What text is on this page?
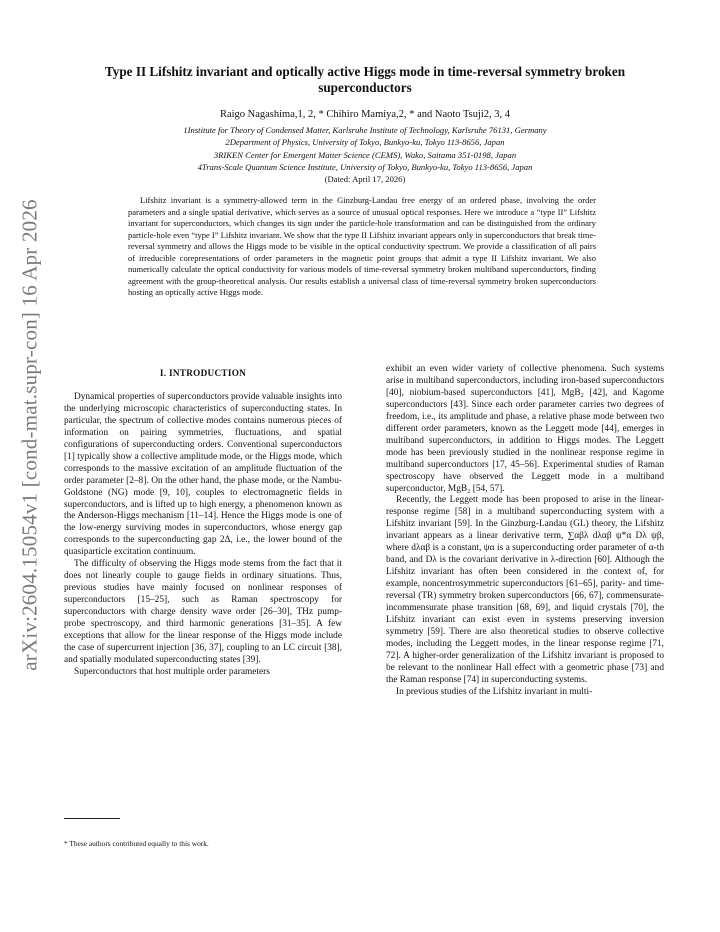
arXiv:2604.15054v1 [cond-mat.supr-con] 16 Apr 2026
Type II Lifshitz invariant and optically active Higgs mode in time-reversal symmetry broken superconductors
Raigo Nagashima,1, 2, * Chihiro Mamiya,2, * and Naoto Tsuji2, 3, 4
1Institute for Theory of Condensed Matter, Karlsruhe Institute of Technology, Karlsruhe 76131, Germany
2Department of Physics, University of Tokyo, Bunkyo-ku, Tokyo 113-8656, Japan
3RIKEN Center for Emergent Matter Science (CEMS), Wako, Saitama 351-0198, Japan
4Trans-Scale Quantum Science Institute, University of Tokyo, Bunkyo-ku, Tokyo 113-8656, Japan
(Dated: April 17, 2026)
Lifshitz invariant is a symmetry-allowed term in the Ginzburg-Landau free energy of an ordered phase, involving the order parameters and a single spatial derivative, which serves as a source of unusual optical responses. Here we introduce a “type II” Lifshitz invariant for superconductors, which changes its sign under the particle-hole transformation and can be distinguished from the ordinary particle-hole even “type I” Lifshitz invariant. We show that the type II Lifshitz invariant appears only in superconductors that break time-reversal symmetry and allows the Higgs mode to be visible in the optical conductivity spectrum. We provide a classification of all pairs of irreducible corepresentations of order parameters in the magnetic point groups that admit a type II Lifshitz invariant. We also numerically calculate the optical conductivity for various models of time-reversal symmetry broken multiband superconductors, finding agreement with the group-theoretical analysis. Our results establish a universal class of time-reversal symmetry broken superconductors hosting an optically active Higgs mode.
I. INTRODUCTION

Dynamical properties of superconductors provide valuable insights into the underlying microscopic characteristics of superconducting states. In particular, the spectrum of collective modes contains numerous pieces of information on pairing symmetries, fluctuations, and spatial configurations of superconducting orders. Conventional superconductors [1] typically show a collective amplitude mode, or the Higgs mode, which corresponds to the massive excitation of an amplitude fluctuation of the order parameter [2–8]. On the other hand, the phase mode, or the Nambu-Goldstone (NG) mode [9, 10], couples to electromagnetic fields in superconductors, and is lifted up to high energy, a phenomenon known as the Anderson-Higgs mechanism [11–14]. Hence the Higgs mode is one of the low-energy surviving modes in superconductors, whose energy gap corresponds to the superconducting gap 2Δ, i.e., the lower bound of the quasiparticle excitation continuum.

The difficulty of observing the Higgs mode stems from the fact that it does not linearly couple to gauge fields in ordinary situations. Thus, previous studies have mainly focused on nonlinear responses of superconductors [15–25], such as Raman spectroscopy for superconductors with charge density wave order [26–30], THz pump-probe spectroscopy, and third harmonic generations [31–35]. A few exceptions that allow for the linear response of the Higgs mode include the case of supercurrent injection [36, 37], coupling to an LC circuit [38], and spatially modulated superconducting states [39].

Superconductors that host multiple order parameters

exhibit an even wider variety of collective phenomena. Such systems arise in multiband superconductors, including iron-based superconductors [40], niobium-based superconductors [41], MgB₂ [42], and Kagome superconductors [43]. Since each order parameter carries two degrees of freedom, i.e., its amplitude and phase, a relative phase mode between two different order parameters, known as the Leggett mode [44], emerges in multiband superconductors, in addition to Higgs modes. The Leggett mode has been previously studied in the nonlinear response regime in multiband superconductors [17, 45–56]. Experimental studies of Raman spectroscopy have observed the Leggett mode in a multiband superconductor, MgB₂ [54, 57].

Recently, the Leggett mode has been proposed to arise in the linear-response regime [58] in a multiband superconducting system with a Lifshitz invariant [59]. In the Ginzburg-Landau (GL) theory, the Lifshitz invariant appears as a linear derivative term, ∑αβλ dλαβ ψ*α Dλ ψβ, where dλαβ is a constant, ψα is a superconducting order parameter of α-th band, and Dλ is the covariant derivative in λ-direction [60]. Although the Lifshitz invariant has often been considered in the context of, for example, noncentrosymmetric superconductors [61–65], parity- and time-reversal (TR) symmetry broken superconductors [66, 67], commensurate-incommensurate phase transition [68, 69], and liquid crystals [70], the Lifshitz invariant can exist even in systems preserving inversion symmetry [59]. There are also theoretical studies to observe collective modes, including the Leggett modes, in the linear response regime [71, 72]. A higher-order generalization of the Lifshitz invariant is proposed to be relevant to the nonlinear Hall effect with a geometric phase [73] and the Raman response [74] in superconducting systems.

In previous studies of the Lifshitz invariant in multi-

* These authors contributed equally to this work.
